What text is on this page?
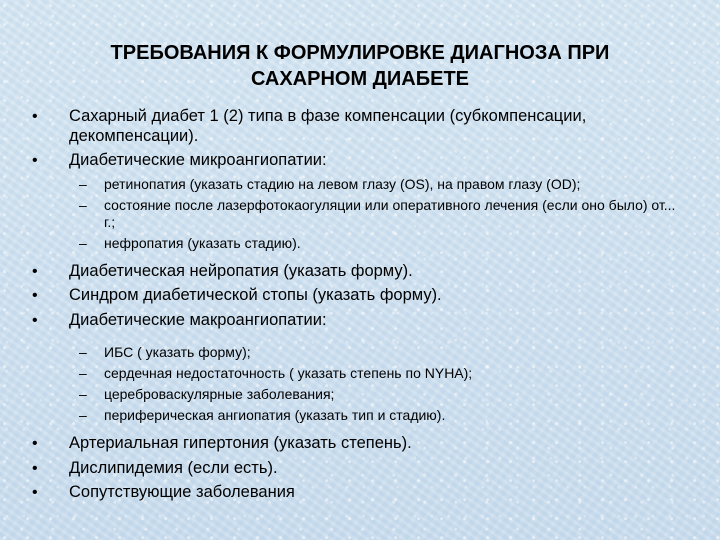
ТРЕБОВАНИЯ К ФОРМУЛИРОВКЕ ДИАГНОЗА ПРИ
САХАРНОМ ДИАБЕТЕ
• Сахарный диабет 1 (2) типа в фазе компенсации (субкомпенсации, декомпенсации).
• Диабетические микроангиопатии:
– ретинопатия (указать стадию на левом глазу (OS), на правом глазу (OD);
– состояние после лазерфотокаогуляции или оперативного лечения (если оно было) от... г.;
– нефропатия (указать стадию).
• Диабетическая нейропатия (указать форму).
• Синдром диабетической стопы (указать форму).
• Диабетические макроангиопатии:
– ИБС ( указать форму);
– сердечная недостаточность ( указать степень по NYHA);
– цереброваскулярные заболевания;
– периферическая ангиопатия (указать тип и стадию).
• Артериальная гипертония (указать степень).
• Дислипидемия (если есть).
• Сопутствующие заболевания
